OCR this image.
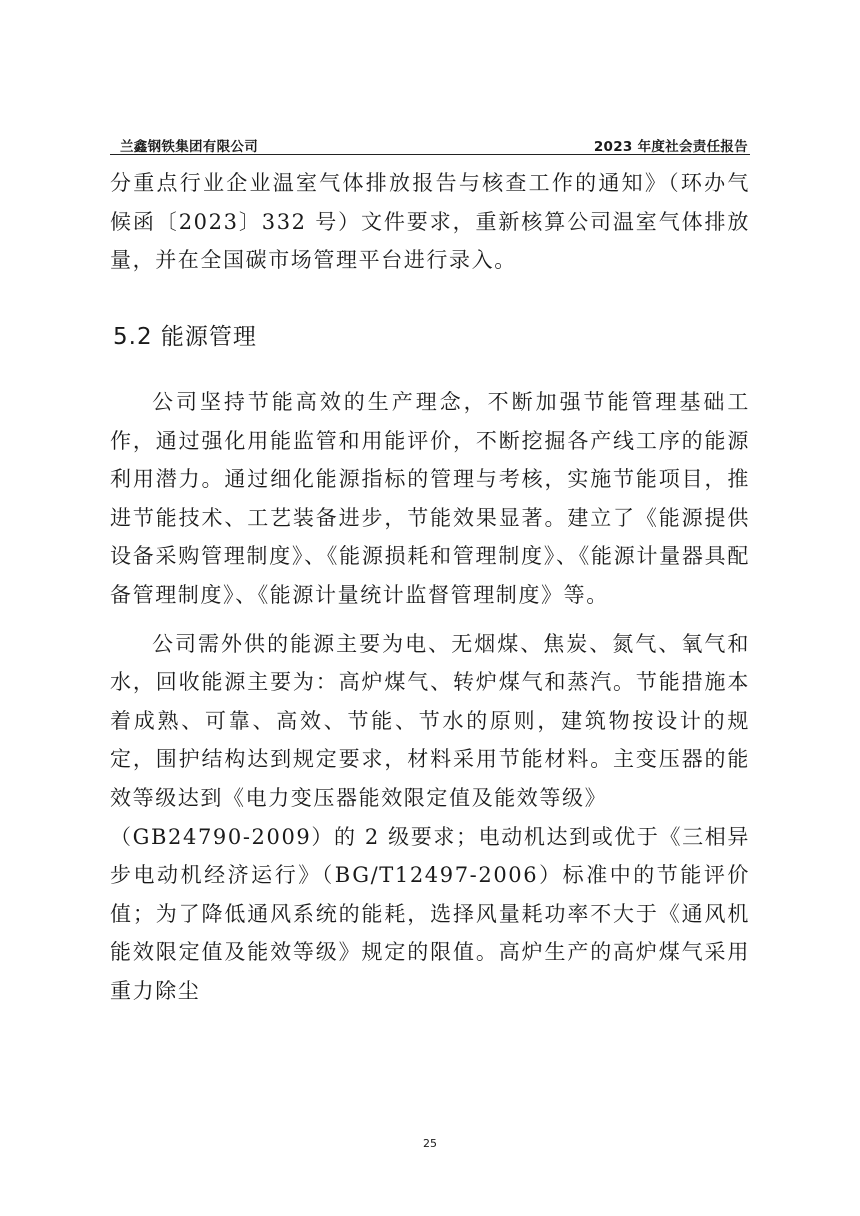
兰鑫钢铁集团有限公司	2023 年度社会责任报告

分重点行业企业温室气体排放报告与核查工作的通知》（环办气候函〔2023〕332 号）文件要求，重新核算公司温室气体排放量，并在全国碳市场管理平台进行录入。

5.2 能源管理

公司坚持节能高效的生产理念，不断加强节能管理基础工作，通过强化用能监管和用能评价，不断挖掘各产线工序的能源利用潜力。通过细化能源指标的管理与考核，实施节能项目，推进节能技术、工艺装备进步，节能效果显著。建立了《能源提供设备采购管理制度》、《能源损耗和管理制度》、《能源计量器具配备管理制度》、《能源计量统计监督管理制度》等。

公司需外供的能源主要为电、无烟煤、焦炭、氮气、氧气和水，回收能源主要为：高炉煤气、转炉煤气和蒸汽。节能措施本着成熟、可靠、高效、节能、节水的原则，建筑物按设计的规定，围护结构达到规定要求，材料采用节能材料。主变压器的能效等级达到《电力变压器能效限定值及能效等级》

（GB24790-2009）的 2 级要求；电动机达到或优于《三相异步电动机经济运行》（BG/T12497-2006）标准中的节能评价值；为了降低通风系统的能耗，选择风量耗功率不大于《通风机能效限定值及能效等级》规定的限值。高炉生产的高炉煤气采用重力除尘

25
